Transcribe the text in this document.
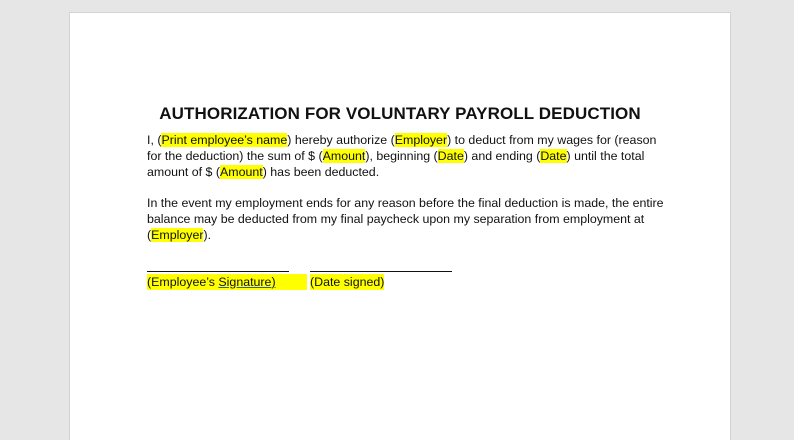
AUTHORIZATION FOR VOLUNTARY PAYROLL DEDUCTION
I, (Print employee’s name) hereby authorize (Employer) to deduct from my wages for (reason for the deduction) the sum of $ (Amount), beginning (Date) and ending (Date) until the total amount of $ (Amount) has been deducted.
In the event my employment ends for any reason before the final deduction is made, the entire balance may be deducted from my final paycheck upon my separation from employment at (Employer).
(Employee’s Signature)	(Date signed)
